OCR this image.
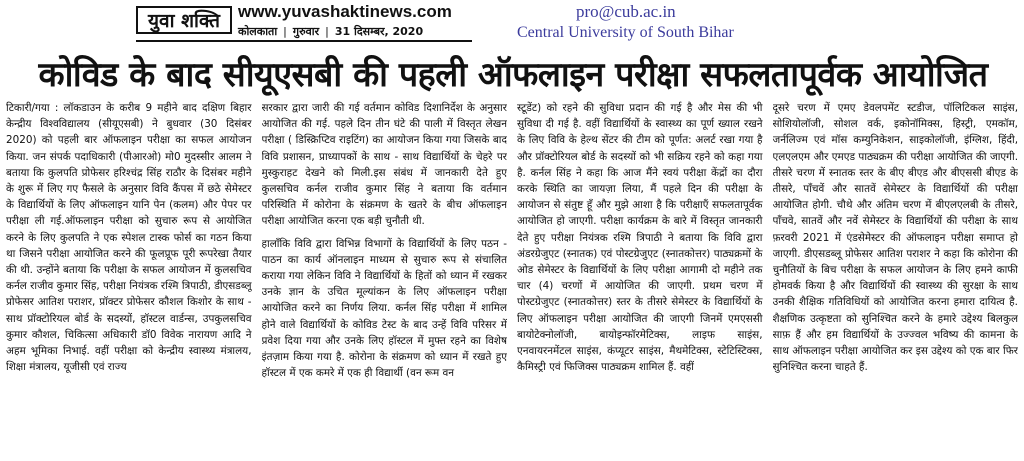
युवा शक्ति	www.yuvashaktinews.com
कोलकाता | गुरुवार | 31 दिसम्बर, 2020
pro@cub.ac.in
Central University of South Bihar
कोविड के बाद सीयूएसबी की पहली ऑफलाइन परीक्षा सफलतापूर्वक आयोजित

टिकारी/गया : लॉकडाउन के करीब 9 महीने बाद दक्षिण बिहार केन्द्रीय विश्वविद्यालय (सीयूएसबी) ने बुधवार (30 दिसंबर 2020) को पहली बार ऑफलाइन परीक्षा का सफल आयोजन किया. जन संपर्क पदाधिकारी (पीआरओ) मो0 मुदस्सीर आलम ने बताया कि कुलपति प्रोफेसर हरिश्चंद्र सिंह राठौर के दिसंबर महीने के शुरू में लिए गए फैसले के अनुसार विवि कैंपस में छठे सेमेस्टर के विद्यार्थियों के लिए ऑफलाइन यानि पेन (कलम) और पेपर पर परीक्षा ली गई.ऑफलाइन परीक्षा को सुचारु रूप से आयोजित करने के लिए कुलपति ने एक स्पेशल टास्क फोर्स का गठन किया था जिसने परीक्षा आयोजित करने की फूलप्रूफ पूरी रूपरेखा तैयार की थी. उन्होंने बताया कि परीक्षा के सफल आयोजन में कुलसचिव कर्नल राजीव कुमार सिंह, परीक्षा नियंत्रक रश्मि त्रिपाठी, डीएसडब्लू प्रोफेसर आतिश पराशर, प्रॉक्टर प्रोफेसर कौशल किशोर के साथ - साथ प्रॉक्टोरियल बोर्ड के सदस्यों, हॉस्टल वार्डन्स, उपकुलसचिव कुमार कौशल, चिकित्सा अधिकारी डॉ0 विवेक नारायण आदि ने अहम भूमिका निभाई. वहीं परीक्षा को केन्द्रीय स्वास्थ्य मंत्रालय, शिक्षा मंत्रालय, यूजीसी एवं राज्य

सरकार द्वारा जारी की गई वर्तमान कोविड दिशानिर्देश के अनुसार आयोजित की गई. पहले दिन तीन घंटे की पाली में विस्तृत लेखन परीक्षा ( डिस्क्रिप्टिव राइटिंग) का आयोजन किया गया जिसके बाद विवि प्रशासन, प्राध्यापकों के साथ - साथ विद्यार्थियों के चेहरे पर मुस्कुराहट देखने को मिली.इस संबंध में जानकारी देते हुए कुलसचिव कर्नल राजीव कुमार सिंह ने बताया कि वर्तमान परिस्थिति में कोरोना के संक्रमण के खतरे के बीच ऑफलाइन परीक्षा आयोजित करना एक बड़ी चुनौती थी.

हालाँकि विवि द्वारा विभिन्न विभागों के विद्यार्थियों के लिए पठन - पाठन का कार्य ऑनलाइन माध्यम से सुचारु रूप से संचालित कराया गया लेकिन विवि ने विद्यार्थियों के हितों को ध्यान में रखकर उनके ज्ञान के उचित मूल्यांकन के लिए ऑफलाइन परीक्षा आयोजित करने का निर्णय लिया. कर्नल सिंह परीक्षा में शामिल होने वाले विद्यार्थियों के कोविड टेस्ट के बाद उन्हें विवि परिसर में प्रवेश दिया गया और उनके लिए हॉस्टल में मुफ्त रहने का विशेष इंतज़ाम किया गया है. कोरोना के संक्रमण को ध्यान में रखते हुए हॉस्टल में एक कमरे में एक ही विद्यार्थी (वन रूम वन

स्टूडेंट) को रहने की सुविधा प्रदान की गई है और मेस की भी सुविधा दी गई है. वहीं विद्यार्थियों के स्वास्थ्य का पूर्ण ख्याल रखने के लिए विवि के हेल्थ सेंटर की टीम को पूर्णत: अलर्ट रखा गया है और प्रॉक्टोरियल बोर्ड के सदस्यों को भी सक्रिय रहने को कहा गया है. कर्नल सिंह ने कहा कि आज मैंने स्वयं परीक्षा केंद्रों का दौरा करके स्थिति का जायज़ा लिया, मैं पहले दिन की परीक्षा के आयोजन से संतुष्ट हूँ और मुझे आशा है कि परीक्षाएँ सफलतापूर्वक आयोजित हो जाएगी. परीक्षा कार्यक्रम के बारे में विस्तृत जानकारी देते हुए परीक्षा नियंत्रक रश्मि त्रिपाठी ने बताया कि विवि द्वारा अंडरग्रेजुएट (स्नातक) एवं पोस्टग्रेजुएट (स्नातकोत्तर) पाठ्यक्रमों के ओड सेमेस्टर के विद्यार्थियों के लिए परीक्षा आगामी दो महीने तक चार (4) चरणों में आयोजित की जाएगी. प्रथम चरण में पोस्टग्रेजुएट (स्नातकोत्तर) स्तर के तीसरे सेमेस्टर के विद्यार्थियों के लिए ऑफलाइन परीक्षा आयोजित की जाएगी जिनमें एमएससी बायोटेक्नोलॉजी, बायोइन्फॉरमेटिक्स, लाइफ साइंस, एनवायरनमेंटल साइंस, कंप्यूटर साइंस, मैथमेटिक्स, स्टेटिस्टिक्स, कैमिस्ट्री एवं फिजिक्स पाठ्यक्रम शामिल हैं. वहीं

दूसरे चरण में एमए डेवलपमेंट स्टडीज, पॉलिटिकल साइंस, सोशियोलॉजी, सोशल वर्क, इकोनॉमिक्स, हिस्ट्री, एमकॉम, जर्नलिज्म एवं मॉस कम्युनिकेशन, साइकोलॉजी, इंग्लिश, हिंदी, एलएलएम और एमएड पाठ्यक्रम की परीक्षा आयोजित की जाएगी. तीसरे चरण में स्नातक स्तर के बीए बीएड और बीएससी बीएड के तीसरे, पाँचवें और सातवें सेमेस्टर के विद्यार्थियों की परीक्षा आयोजित होगी. चौथे और अंतिम चरण में बीएलएलबी के तीसरे, पाँचवे, सातवें और नवें सेमेस्टर के विद्यार्थियों की परीक्षा के साथ फ़रवरी 2021 में एंडसेमेस्टर की ऑफलाइन परीक्षा समाप्त हो जाएगी. डीएसडब्लू प्रोफेसर आतिश पराशर ने कहा कि कोरोना की चुनौतियों के बिच परीक्षा के सफल आयोजन के लिए हमने काफी होमवर्क किया है और विद्यार्थियों की स्वास्थ्य की सुरक्षा के साथ उनकी शैक्षिक गतिविधियों को आयोजित करना हमारा दायित्व है. शैक्षणिक उत्कृष्टता को सुनिश्चित करने के हमारे उद्देश्य बिलकुल साफ़ हैं और हम विद्यार्थियों के उज्ज्वल भविष्य की कामना के साथ ऑफलाइन परीक्षा आयोजित कर इस उद्देश्य को एक बार फिर सुनिश्चित करना चाहते हैं.
